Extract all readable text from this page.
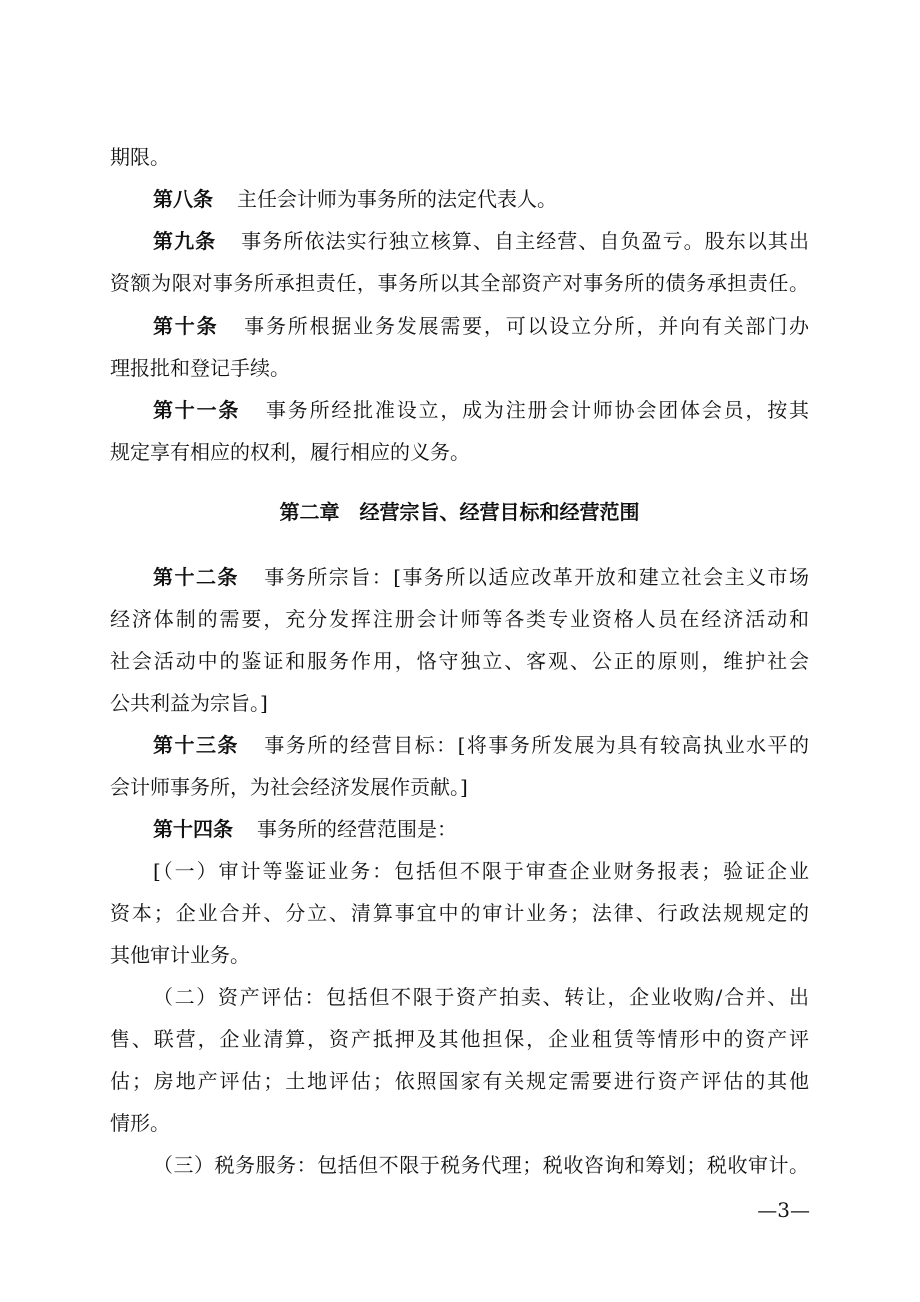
期限。
第八条 主任会计师为事务所的法定代表人。
第九条 事务所依法实行独立核算、自主经营、自负盈亏。股东以其出
资额为限对事务所承担责任，事务所以其全部资产对事务所的债务承担责任。
第十条 事务所根据业务发展需要，可以设立分所，并向有关部门办
理报批和登记手续。
第十一条 事务所经批准设立，成为注册会计师协会团体会员，按其
规定享有相应的权利，履行相应的义务。
第二章　经营宗旨、经营目标和经营范围
第十二条 事务所宗旨：[事务所以适应改革开放和建立社会主义市场
经济体制的需要，充分发挥注册会计师等各类专业资格人员在经济活动和
社会活动中的鉴证和服务作用，恪守独立、客观、公正的原则，维护社会
公共利益为宗旨。]
第十三条 事务所的经营目标：[将事务所发展为具有较高执业水平的
会计师事务所，为社会经济发展作贡献。]
第十四条 事务所的经营范围是：
[（一）审计等鉴证业务：包括但不限于审查企业财务报表；验证企业
资本；企业合并、分立、清算事宜中的审计业务；法律、行政法规规定的
其他审计业务。
（二）资产评估：包括但不限于资产拍卖、转让，企业收购/合并、出
售、联营，企业清算，资产抵押及其他担保，企业租赁等情形中的资产评
估；房地产评估；土地评估；依照国家有关规定需要进行资产评估的其他
情形。
（三）税务服务：包括但不限于税务代理；税收咨询和筹划；税收审计。
—3—
